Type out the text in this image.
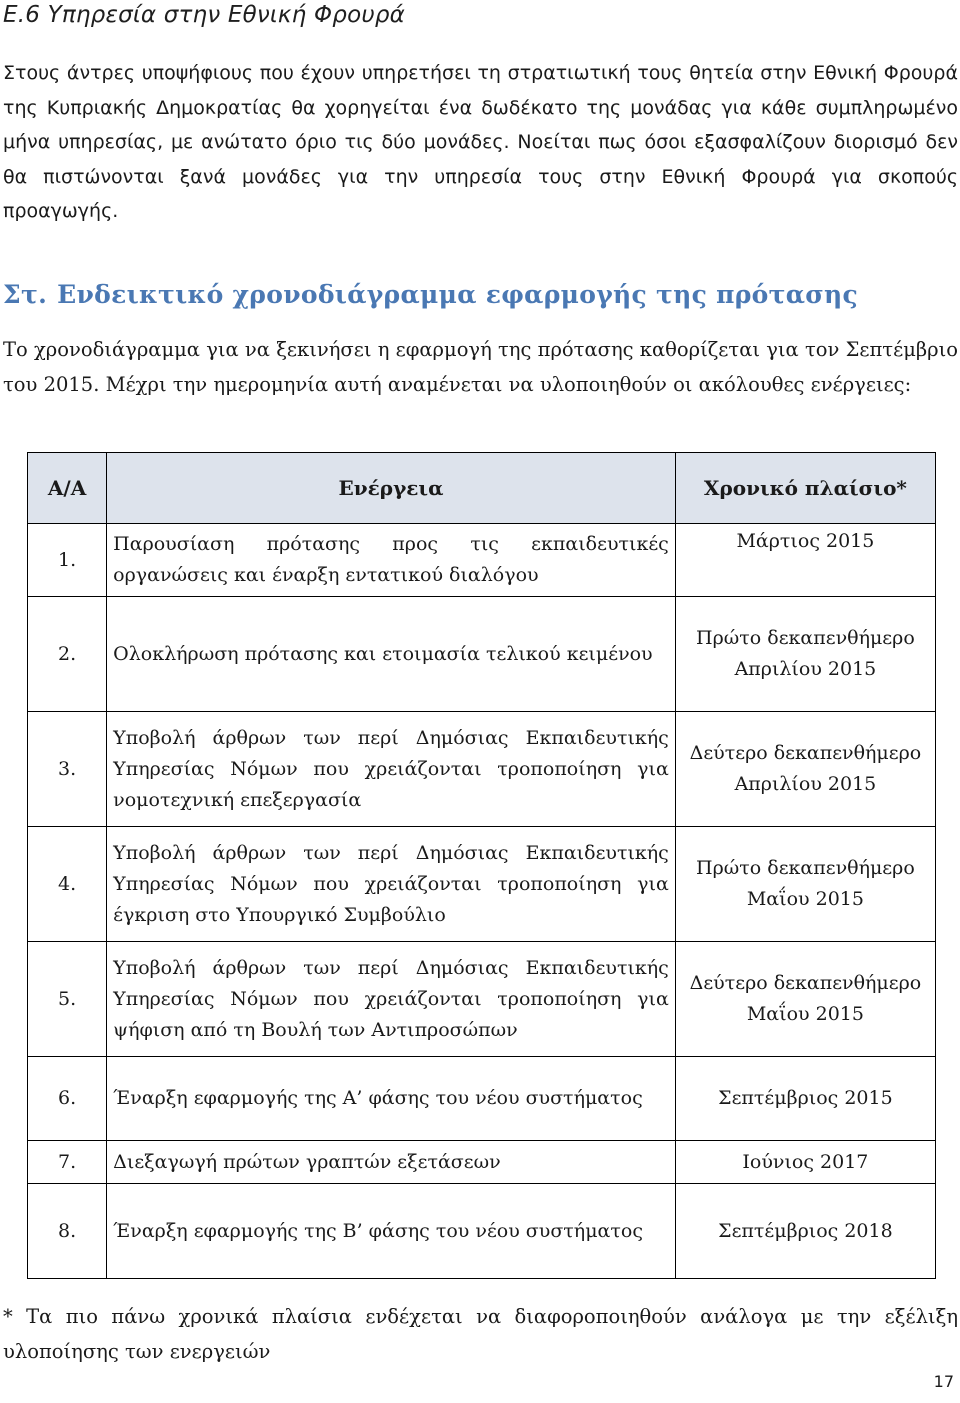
Ε.6 Υπηρεσία στην Εθνική Φρουρά

Στους άντρες υποψήφιους που έχουν υπηρετήσει τη στρατιωτική τους θητεία στην Εθνική Φρουρά της Κυπριακής Δημοκρατίας θα χορηγείται ένα δωδέκατο της μονάδας για κάθε συμπληρωμένο μήνα υπηρεσίας, με ανώτατο όριο τις δύο μονάδες. Νοείται πως όσοι εξασφαλίζουν διορισμό δεν θα πιστώνονται ξανά μονάδες για την υπηρεσία τους στην Εθνική Φρουρά για σκοπούς προαγωγής.

Στ. Ενδεικτικό χρονοδιάγραμμα εφαρμογής της πρότασης

Το χρονοδιάγραμμα για να ξεκινήσει η εφαρμογή της πρότασης καθορίζεται για τον Σεπτέμβριο του 2015. Μέχρι την ημερομηνία αυτή αναμένεται να υλοποιηθούν οι ακόλουθες ενέργειες:

Α/Α	Ενέργεια	Χρονικό πλαίσιο*
1.	Παρουσίαση πρότασης προς τις εκπαιδευτικές οργανώσεις και έναρξη εντατικού διαλόγου	Μάρτιος 2015
2.	Ολοκλήρωση πρότασης και ετοιμασία τελικού κειμένου	Πρώτο δεκαπενθήμερο Απριλίου 2015
3.	Υποβολή άρθρων των περί Δημόσιας Εκπαιδευτικής Υπηρεσίας Νόμων που χρειάζονται τροποποίηση για νομοτεχνική επεξεργασία	Δεύτερο δεκαπενθήμερο Απριλίου 2015
4.	Υποβολή άρθρων των περί Δημόσιας Εκπαιδευτικής Υπηρεσίας Νόμων που χρειάζονται τροποποίηση για έγκριση στο Υπουργικό Συμβούλιο	Πρώτο δεκαπενθήμερο Μαΐου 2015
5.	Υποβολή άρθρων των περί Δημόσιας Εκπαιδευτικής Υπηρεσίας Νόμων που χρειάζονται τροποποίηση για ψήφιση από τη Βουλή των Αντιπροσώπων	Δεύτερο δεκαπενθήμερο Μαΐου 2015
6.	Έναρξη εφαρμογής της Α’ φάσης του νέου συστήματος	Σεπτέμβριος 2015
7.	Διεξαγωγή πρώτων γραπτών εξετάσεων	Ιούνιος 2017
8.	Έναρξη εφαρμογής της Β’ φάσης του νέου συστήματος	Σεπτέμβριος 2018

* Τα πιο πάνω χρονικά πλαίσια ενδέχεται να διαφοροποιηθούν ανάλογα με την εξέλιξη υλοποίησης των ενεργειών

17
